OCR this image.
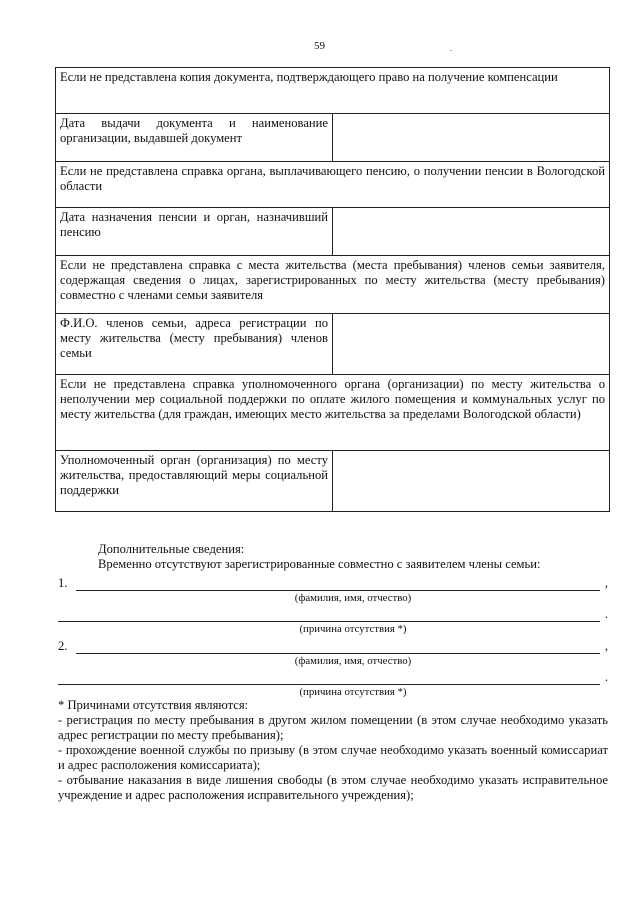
59	.
Если не представлена копия документа, подтверждающего право на получение компенсации	
Дата выдачи документа и наименование организации, выдавшей документ	
Если не представлена справка органа, выплачивающего пенсию, о получении пенсии в Вологодской области	
Дата назначения пенсии и орган, назначивший пенсию	
Если не представлена справка с места жительства (места пребывания) членов семьи заявителя, содержащая сведения о лицах, зарегистрированных по месту жительства (месту пребывания) совместно с членами семьи заявителя	
Ф.И.О. членов семьи, адреса регистрации по месту жительства (месту пребывания) членов семьи	
Если не представлена справка уполномоченного органа (организации) по месту жительства о неполучении мер социальной поддержки по оплате жилого помещения и коммунальных услуг по месту жительства (для граждан, имеющих место жительства за пределами Вологодской области)	
Уполномоченный орган (организация) по месту жительства, предоставляющий меры социальной поддержки	

Дополнительные сведения:

Временно отсутствуют зарегистрированные совместно с заявителем члены семьи:

1.	,
(фамилия, имя, отчество)
.
(причина отсутствия *)
2.	,
(фамилия, имя, отчество)
.
(причина отсутствия *)

* Причинами отсутствия являются:

- регистрация по месту пребывания в другом жилом помещении (в этом случае необходимо указать адрес регистрации по месту пребывания);

- прохождение военной службы по призыву (в этом случае необходимо указать военный комиссариат и адрес расположения комиссариата);

- отбывание наказания в виде лишения свободы (в этом случае необходимо указать исправительное учреждение и адрес расположения исправительного учреждения);
